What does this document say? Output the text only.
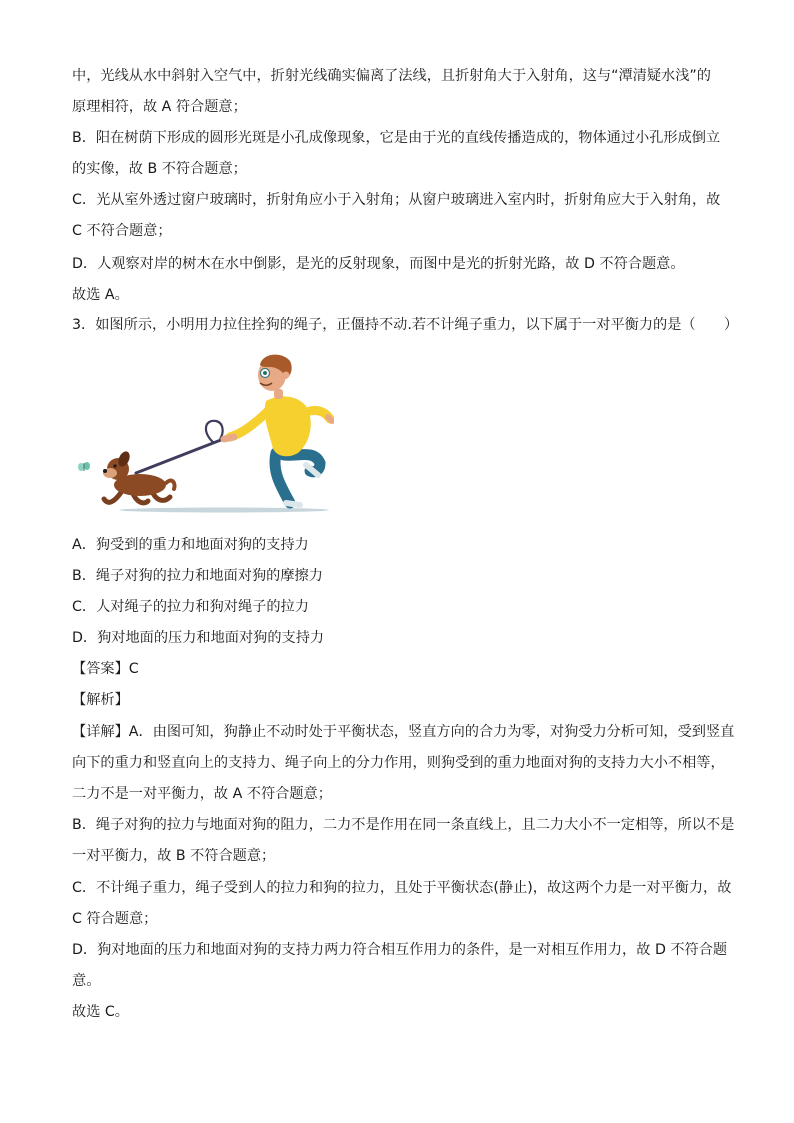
中，光线从水中斜射入空气中，折射光线确实偏离了法线，且折射角大于入射角，这与“潭清疑水浅”的
原理相符，故 A 符合题意；
B．阳在树荫下形成的圆形光斑是小孔成像现象，它是由于光的直线传播造成的，物体通过小孔形成倒立
的实像，故 B 不符合题意；
C．光从室外透过窗户玻璃时，折射角应小于入射角；从窗户玻璃进入室内时，折射角应大于入射角，故
C 不符合题意；
D．人观察对岸的树木在水中倒影，是光的反射现象，而图中是光的折射光路，故 D 不符合题意。
故选 A。
3．如图所示，小明用力拉住拴狗的绳子，正僵持不动.若不计绳子重力，以下属于一对平衡力的是（　　）
A．狗受到的重力和地面对狗的支持力
B．绳子对狗的拉力和地面对狗的摩擦力
C．人对绳子的拉力和狗对绳子的拉力
D．狗对地面的压力和地面对狗的支持力
【答案】C
【解析】
【详解】A．由图可知，狗静止不动时处于平衡状态，竖直方向的合力为零，对狗受力分析可知，受到竖直
向下的重力和竖直向上的支持力、绳子向上的分力作用，则狗受到的重力地面对狗的支持力大小不相等，
二力不是一对平衡力，故 A 不符合题意；
B．绳子对狗的拉力与地面对狗的阻力，二力不是作用在同一条直线上，且二力大小不一定相等，所以不是
一对平衡力，故 B 不符合题意；
C．不计绳子重力，绳子受到人的拉力和狗的拉力，且处于平衡状态(静止)，故这两个力是一对平衡力，故
C 符合题意；
D．狗对地面的压力和地面对狗的支持力两力符合相互作用力的条件，是一对相互作用力，故 D 不符合题
意。
故选 C。
